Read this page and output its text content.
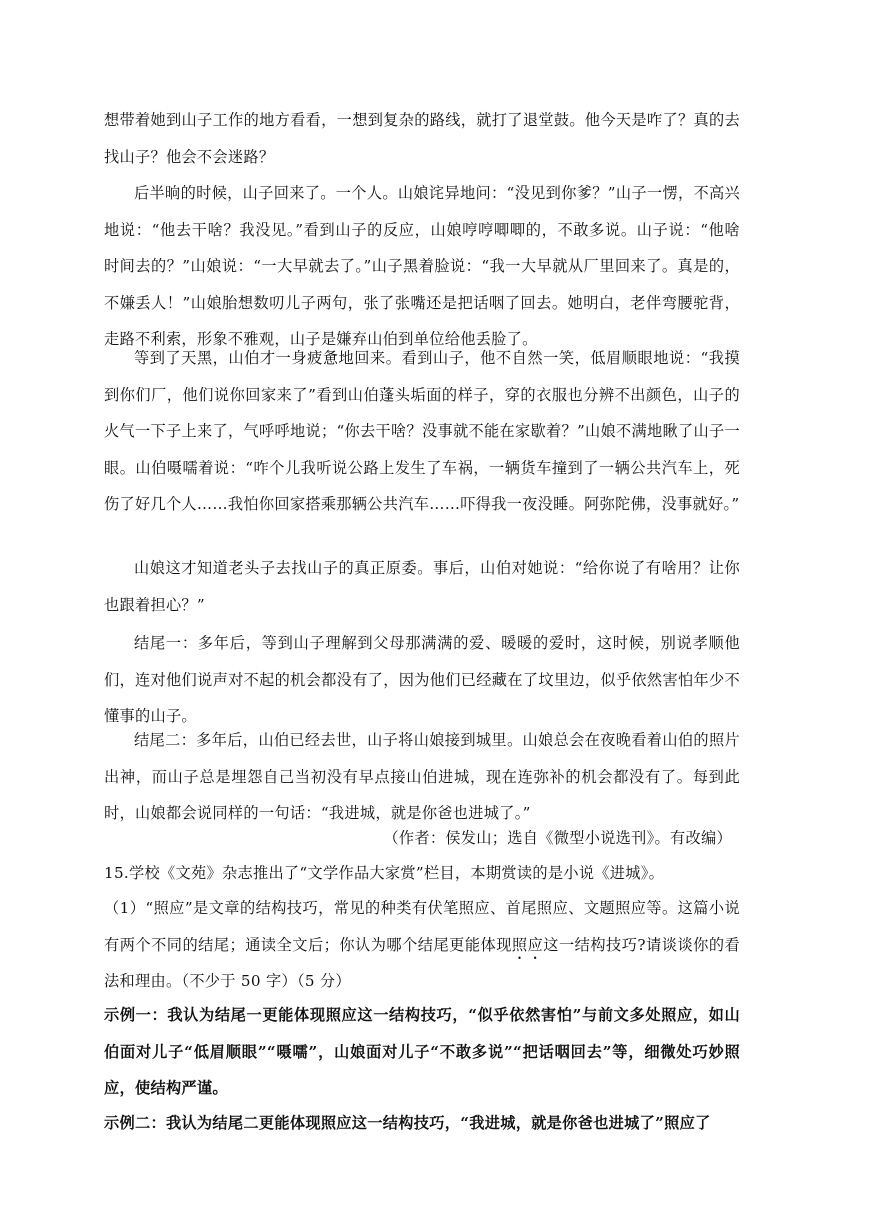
想带着她到山子工作的地方看看，一想到复杂的路线，就打了退堂鼓。他今天是咋了？真的去找山子？他会不会迷路？

后半晌的时候，山子回来了。一个人。山娘诧异地问：“没见到你爹？”山子一愣，不高兴地说：“他去干啥？我没见。”看到山子的反应，山娘哼哼唧唧的，不敢多说。山子说：“他啥时间去的？”山娘说：“一大早就去了。”山子黑着脸说：“我一大早就从厂里回来了。真是的，不嫌丢人！”山娘胎想数叨儿子两句，张了张嘴还是把话咽了回去。她明白，老伴弯腰驼背，走路不利索，形象不雅观，山子是嫌弃山伯到单位给他丢脸了。

等到了天黑，山伯才一身疲惫地回来。看到山子，他不自然一笑，低眉顺眼地说：“我摸到你们厂，他们说你回家来了”看到山伯蓬头垢面的样子，穿的衣服也分辨不出颜色，山子的火气一下子上来了，气呼呼地说；“你去干啥？没事就不能在家歇着？”山娘不满地瞅了山子一眼。山伯嗫嚅着说：“咋个儿我听说公路上发生了车祸，一辆货车撞到了一辆公共汽车上，死伤了好几个人……我怕你回家搭乘那辆公共汽车……吓得我一夜没睡。阿弥陀佛，没事就好。”

山娘这才知道老头子去找山子的真正原委。事后，山伯对她说：“给你说了有啥用？让你也跟着担心？”

结尾一：多年后，等到山子理解到父母那满满的爱、暖暖的爱时，这时候，别说孝顺他们，连对他们说声对不起的机会都没有了，因为他们已经藏在了坟里边，似乎依然害怕年少不懂事的山子。

结尾二：多年后，山伯已经去世，山子将山娘接到城里。山娘总会在夜晚看着山伯的照片出神，而山子总是埋怨自己当初没有早点接山伯进城，现在连弥补的机会都没有了。每到此时，山娘都会说同样的一句话：“我进城，就是你爸也进城了。”

（作者：侯发山；选自《微型小说选刊》。有改编）

15.学校《文苑》杂志推出了“文学作品大家赏”栏目，本期赏读的是小说《进城》。

（1）“照应”是文章的结构技巧，常见的种类有伏笔照应、首尾照应、文题照应等。这篇小说有两个不同的结尾；通读全文后；你认为哪个结尾更能体现照应这一结构技巧?请谈谈你的看法和理由。（不少于 50 字）（5 分）

示例一：我认为结尾一更能体现照应这一结构技巧，“似乎依然害怕”与前文多处照应，如山伯面对儿子“低眉顺眼”“嗫嚅”，山娘面对儿子“不敢多说”“把话咽回去”等，细微处巧妙照应，使结构严谨。

示例二：我认为结尾二更能体现照应这一结构技巧，“我进城，就是你爸也进城了”照应了
